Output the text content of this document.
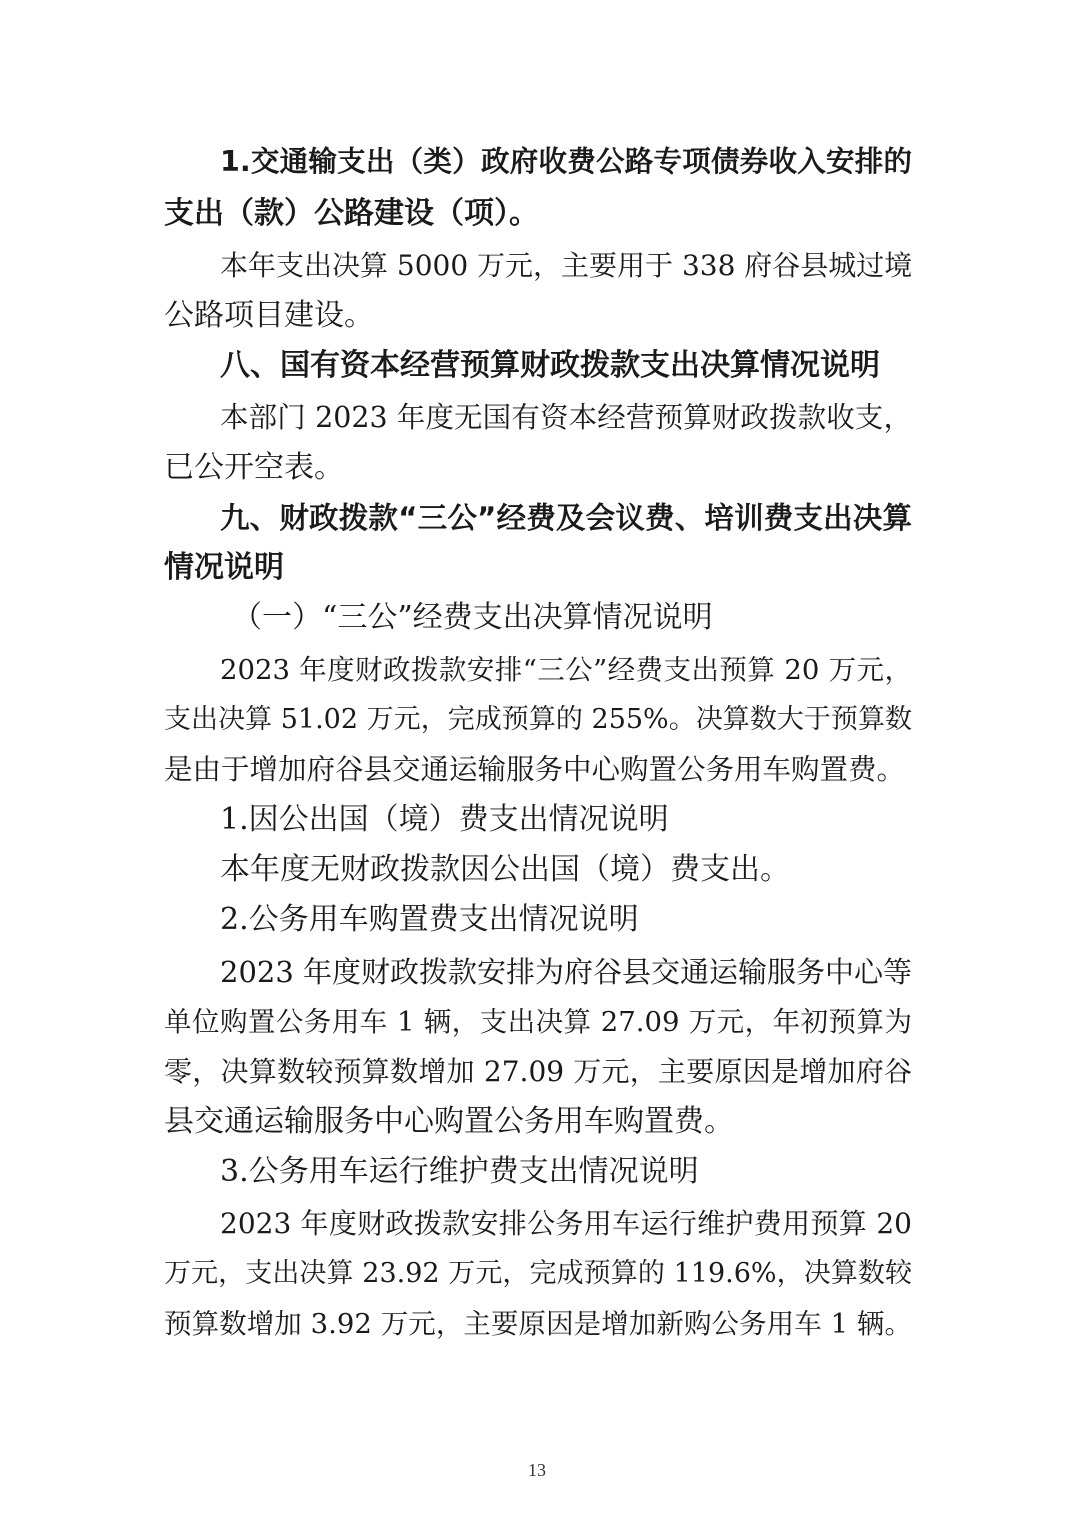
1.交通输支出（类）政府收费公路专项债券收入安排的
支出（款）公路建设（项）。
本年支出决算 5000 万元，主要用于 338 府谷县城过境
公路项目建设。
八、国有资本经营预算财政拨款支出决算情况说明
本部门 2023 年度无国有资本经营预算财政拨款收支，
已公开空表。
九、财政拨款“三公”经费及会议费、培训费支出决算
情况说明
（一）“三公”经费支出决算情况说明
2023 年度财政拨款安排“三公”经费支出预算 20 万元，
支出决算 51.02 万元，完成预算的 255%。决算数大于预算数
是由于增加府谷县交通运输服务中心购置公务用车购置费。
1.因公出国（境）费支出情况说明
本年度无财政拨款因公出国（境）费支出。
2.公务用车购置费支出情况说明
2023 年度财政拨款安排为府谷县交通运输服务中心等
单位购置公务用车 1 辆，支出决算 27.09 万元，年初预算为
零，决算数较预算数增加 27.09 万元，主要原因是增加府谷
县交通运输服务中心购置公务用车购置费。
3.公务用车运行维护费支出情况说明
2023 年度财政拨款安排公务用车运行维护费用预算 20
万元，支出决算 23.92 万元，完成预算的 119.6%，决算数较
预算数增加 3.92 万元，主要原因是增加新购公务用车 1 辆。
13
